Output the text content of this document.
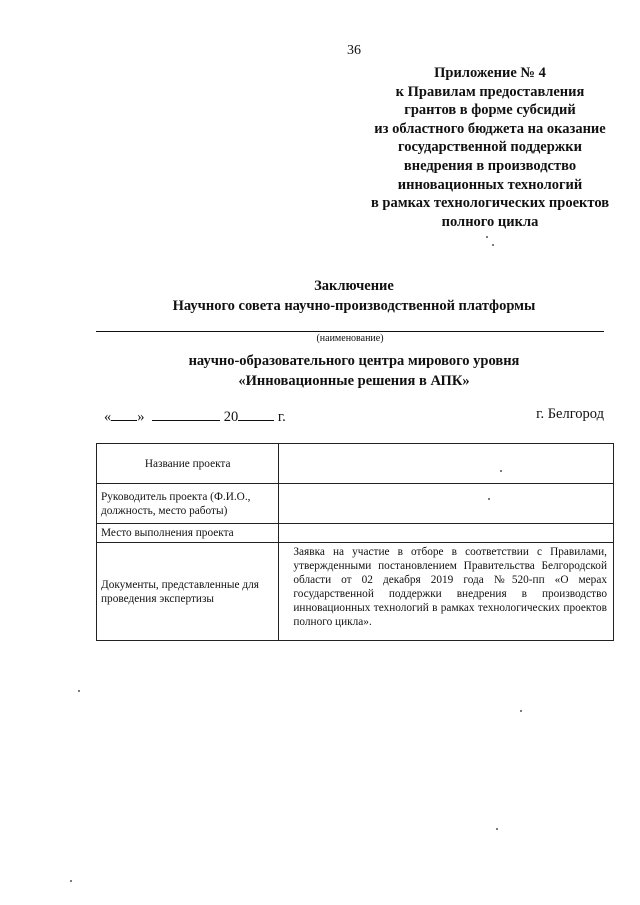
36
Приложение № 4
к Правилам предоставления
грантов в форме субсидий
из областного бюджета на оказание
государственной поддержки
внедрения в производство
инновационных технологий
в рамках технологических проектов
полного цикла
Заключение
Научного совета научно-производственной платформы
(наименование)
научно-образовательного центра мирового уровня
«Инновационные решения в АПК»
« »	20	г.	г. Белгород
Название проекта	
Руководитель проекта (Ф.И.О., должность, место работы)	
Место выполнения проекта	
Документы, представленные для проведения экспертизы	Заявка на участие в отборе в соответствии с Правилами, утвержденными постановлением Правительства Белгородской области от 02 декабря 2019 года №520-пп «О мерах государственной поддержки внедрения в производство инновационных технологий в рамках технологических проектов полного цикла».
